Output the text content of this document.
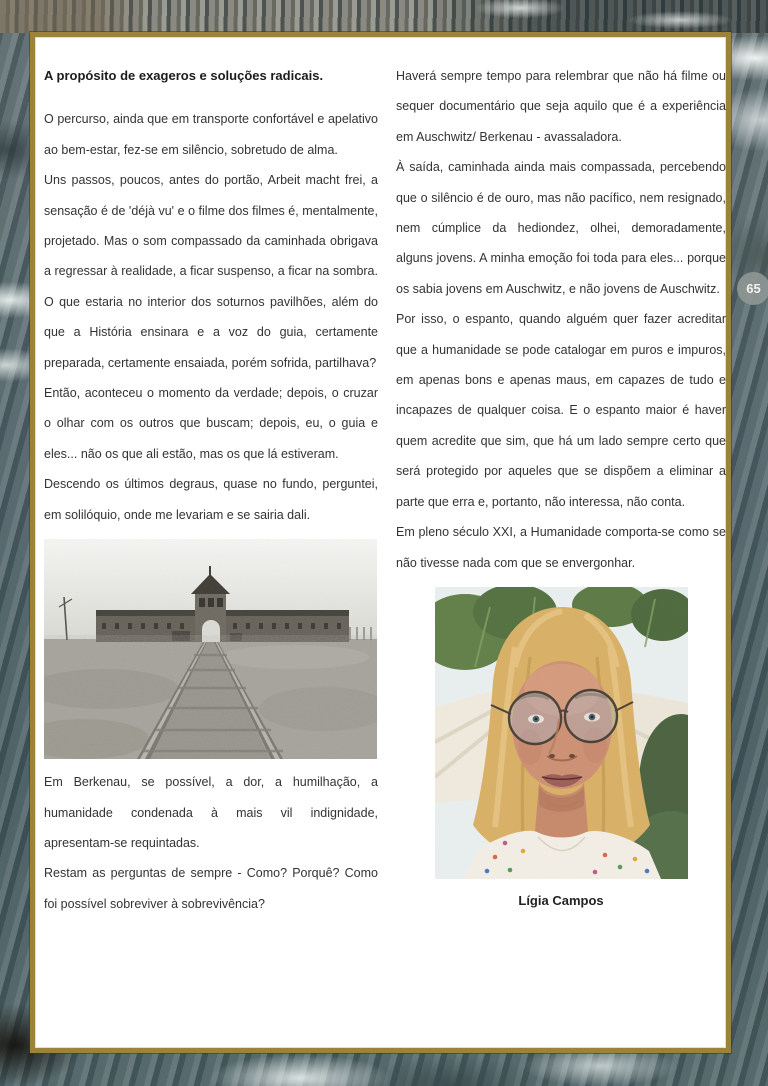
A propósito de exageros e soluções radicais.

O percurso, ainda que em transporte confortável e apelativo ao bem-estar, fez-se em silêncio, sobretudo de alma.

Uns passos, poucos, antes do portão, Arbeit macht frei, a sensação é de 'déjà vu' e o filme dos filmes é, mentalmente, projetado. Mas o som compassado da caminhada obrigava a regressar à realidade, a ficar suspenso, a ficar na sombra. O que estaria no interior dos soturnos pavilhões, além do que a História ensinara e a voz do guia, certamente preparada, certamente ensaiada, porém sofrida, partilhava?

Então, aconteceu o momento da verdade; depois, o cruzar o olhar com os outros que buscam; depois, eu, o guia e eles... não os que ali estão, mas os que lá estiveram.

Descendo os últimos degraus, quase no fundo, perguntei, em solilóquio, onde me levariam e se sairia dali.

Em Berkenau, se possível, a dor, a humilhação, a humanidade condenada à mais vil indignidade, apresentam-se requintadas.

Restam as perguntas de sempre - Como? Porquê? Como foi possível sobreviver à sobrevivência?

Haverá sempre tempo para relembrar que não há filme ou sequer documentário que seja aquilo que é a experiência em Auschwitz/ Berkenau - avassaladora.

À saída, caminhada ainda mais compassada, percebendo que o silêncio é de ouro, mas não pacífico, nem resignado, nem cúmplice da hediondez, olhei, demoradamente, alguns jovens. A minha emoção foi toda para eles... porque os sabia jovens em Auschwitz, e não jovens de Auschwitz.

Por isso, o espanto, quando alguém quer fazer acreditar que a humanidade se pode catalogar em puros e impuros, em apenas bons e apenas maus, em capazes de tudo e incapazes de qualquer coisa. E o espanto maior é haver quem acredite que sim, que há um lado sempre certo que será protegido por aqueles que se dispõem a eliminar a parte que erra e, portanto, não interessa, não conta.

Em pleno século XXI, a Humanidade comporta-se como se não tivesse nada com que se envergonhar.

Lígia Campos
65
